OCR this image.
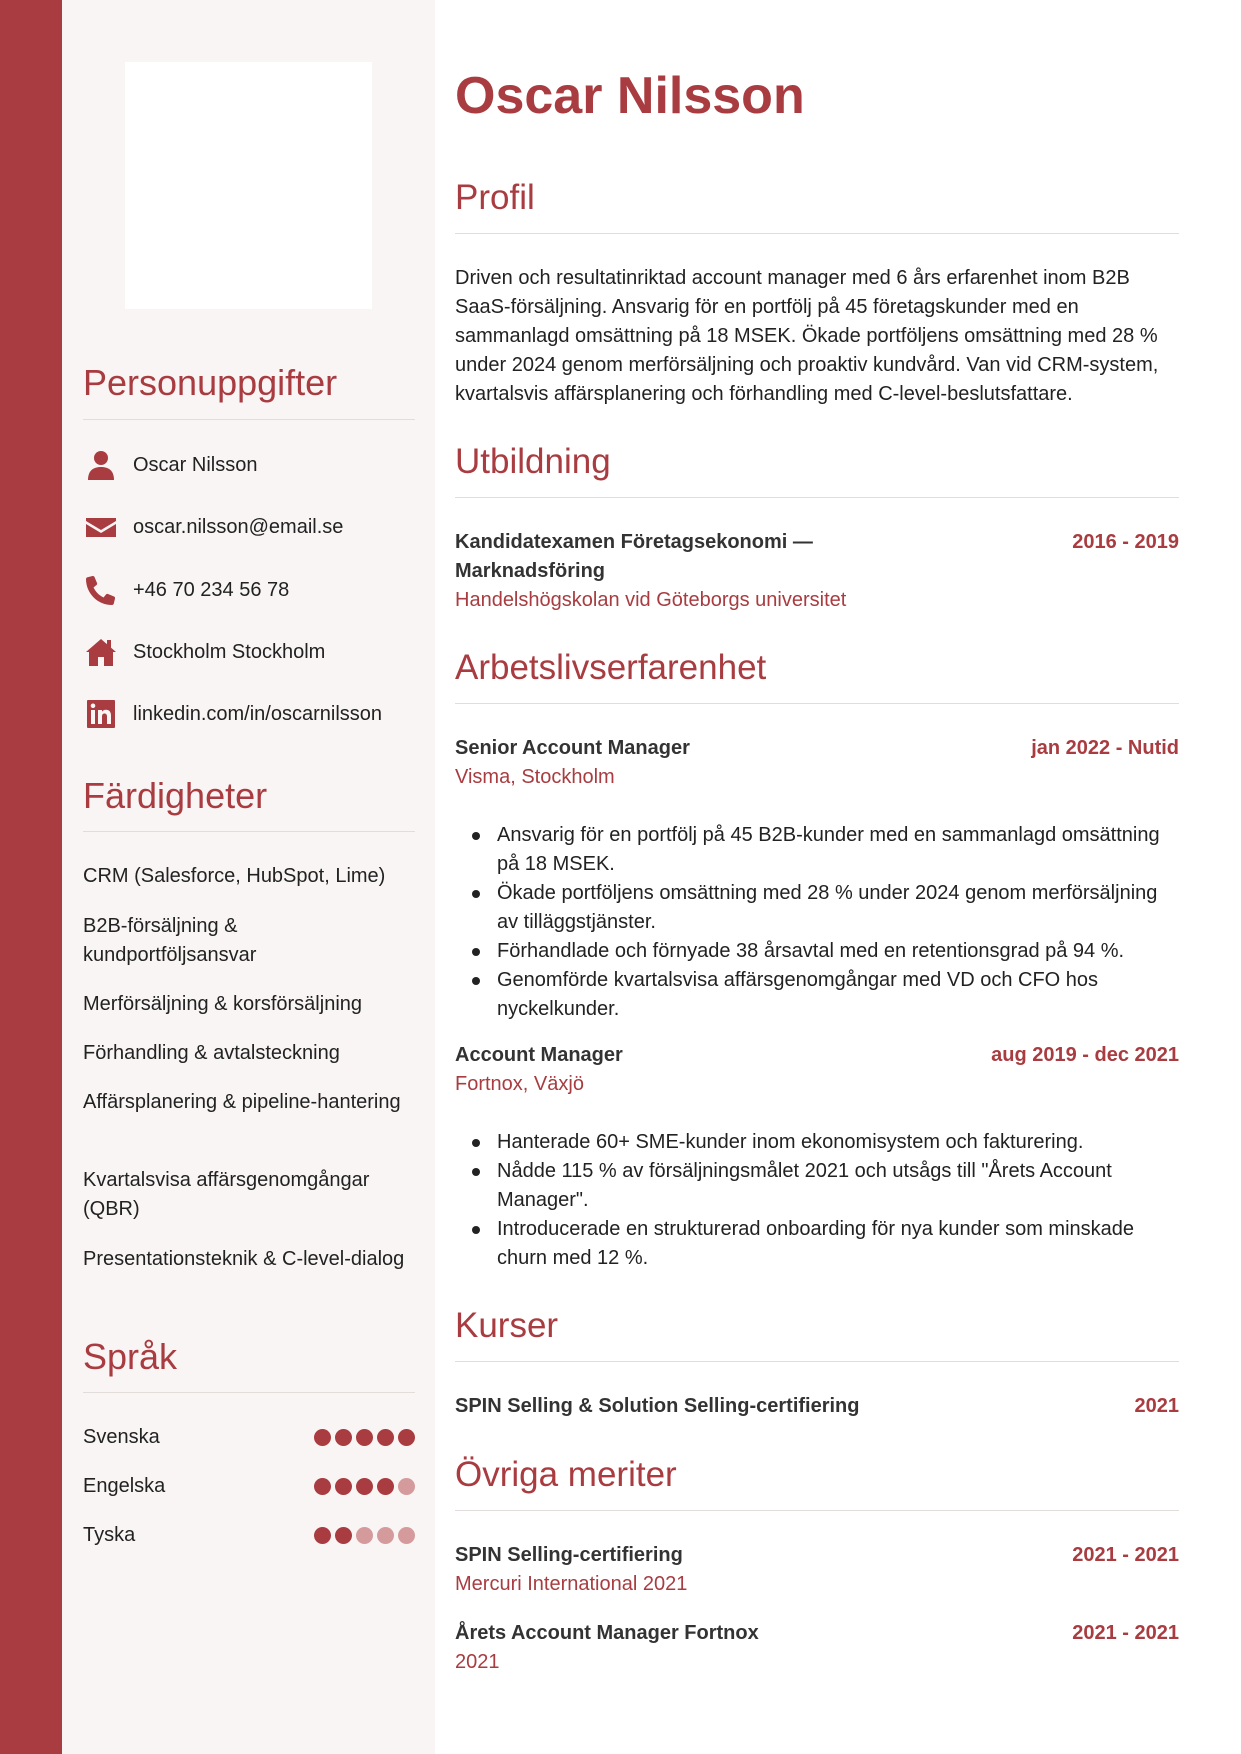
Personuppgifter
Oscar Nilsson
oscar.nilsson@email.se
+46 70 234 56 78
Stockholm Stockholm
linkedin.com/in/oscarnilsson
Färdigheter
CRM (Salesforce, HubSpot, Lime)
B2B-försäljning & kundportföljsansvar
Merförsäljning & korsförsäljning
Förhandling & avtalsteckning
Affärsplanering & pipeline-hantering
Kvartalsvisa affärsgenomgångar (QBR)
Presentationsteknik & C-level-dialog
Språk
Svenska
Engelska
Tyska
Oscar Nilsson
Profil

Driven och resultatinriktad account manager med 6 års erfarenhet inom B2B SaaS-försäljning. Ansvarig för en portfölj på 45 företagskunder med en sammanlagd omsättning på 18 MSEK. Ökade portföljens omsättning med 28 % under 2024 genom merförsäljning och proaktiv kundvård. Van vid CRM-system, kvartalsvis affärsplanering och förhandling med C-level-beslutsfattare.

Utbildning
Kandidatexamen Företagsekonomi —
Marknadsföring
2016 - 2019
Handelshögskolan vid Göteborgs universitet
Arbetslivserfarenhet
Senior Account Manager	jan 2022 - Nutid
Visma, Stockholm
Ansvarig för en portfölj på 45 B2B-kunder med en sammanlagd omsättning på 18 MSEK.
Ökade portföljens omsättning med 28 % under 2024 genom merförsäljning av tilläggstjänster.
Förhandlade och förnyade 38 årsavtal med en retentionsgrad på 94 %.
Genomförde kvartalsvisa affärsgenomgångar med VD och CFO hos nyckelkunder.
Account Manager	aug 2019 - dec 2021
Fortnox, Växjö
Hanterade 60+ SME-kunder inom ekonomisystem och fakturering.
Nådde 115 % av försäljningsmålet 2021 och utsågs till "Årets Account Manager".
Introducerade en strukturerad onboarding för nya kunder som minskade churn med 12 %.
Kurser
SPIN Selling & Solution Selling-certifiering	2021
Övriga meriter
SPIN Selling-certifiering	2021 - 2021
Mercuri International 2021
Årets Account Manager Fortnox	2021 - 2021
2021
